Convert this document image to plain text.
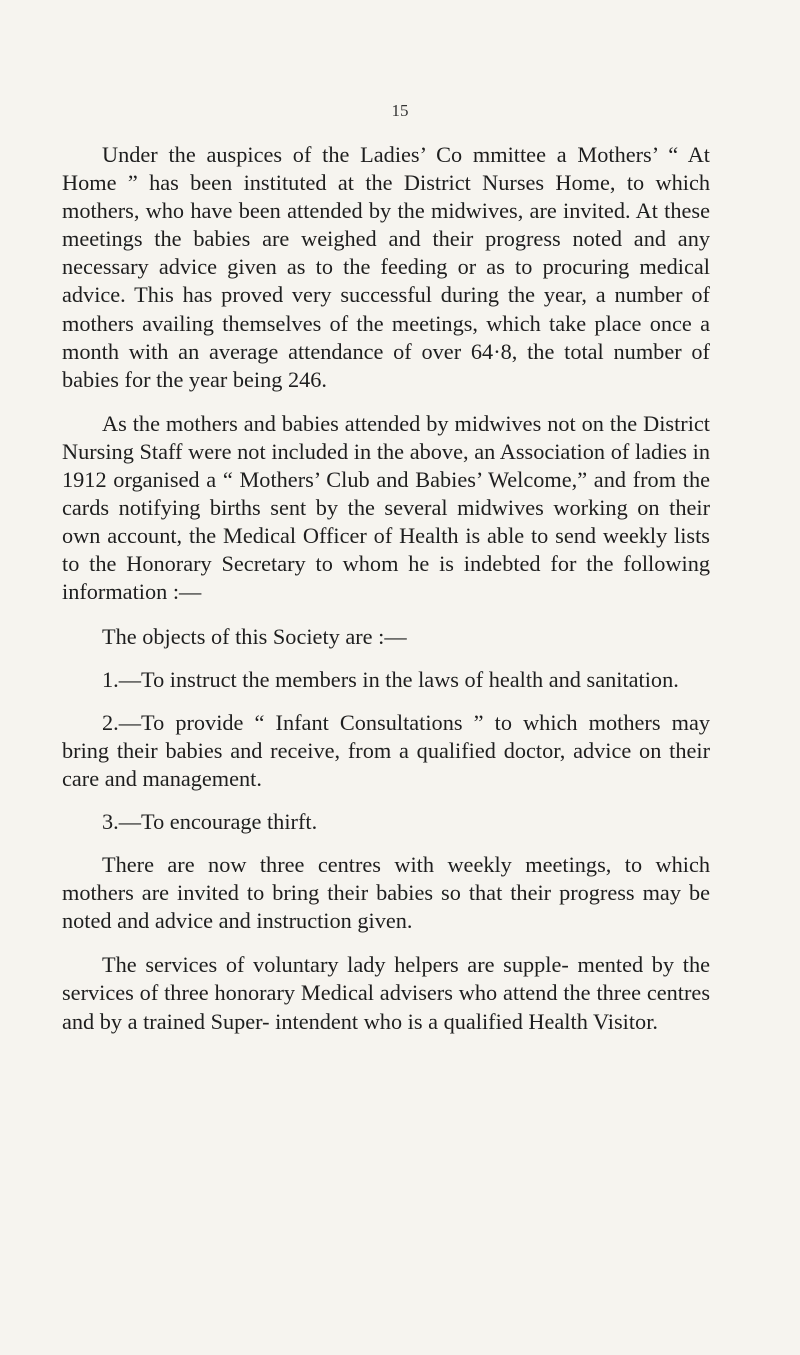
15

Under the auspices of the Ladies’ Co mmittee a Mothers’ “ At Home ” has been instituted at the District Nurses Home, to which mothers, who have been attended by the midwives, are invited. At these meetings the babies are weighed and their progress noted and any necessary advice given as to the feeding or as to procuring medical advice. This has proved very successful during the year, a number of mothers availing themselves of the meetings, which take place once a month with an average attendance of over 64·8, the total number of babies for the year being 246.

As the mothers and babies attended by midwives not on the District Nursing Staff were not included in the above, an Association of ladies in 1912 organised a “ Mothers’ Club and Babies’ Welcome,” and from the cards notifying births sent by the several midwives working on their own account, the Medical Officer of Health is able to send weekly lists to the Honorary Secretary to whom he is indebted for the following information :—

The objects of this Society are :—

1.—To instruct the members in the laws of health and sanitation.

2.—To provide “ Infant Consultations ” to which mothers may bring their babies and receive, from a qualified doctor, advice on their care and management.

3.—To encourage thirft.

There are now three centres with weekly meetings, to which mothers are invited to bring their babies so that their progress may be noted and advice and instruction given.

The services of voluntary lady helpers are supple- mented by the services of three honorary Medical advisers who attend the three centres and by a trained Super- intendent who is a qualified Health Visitor.
